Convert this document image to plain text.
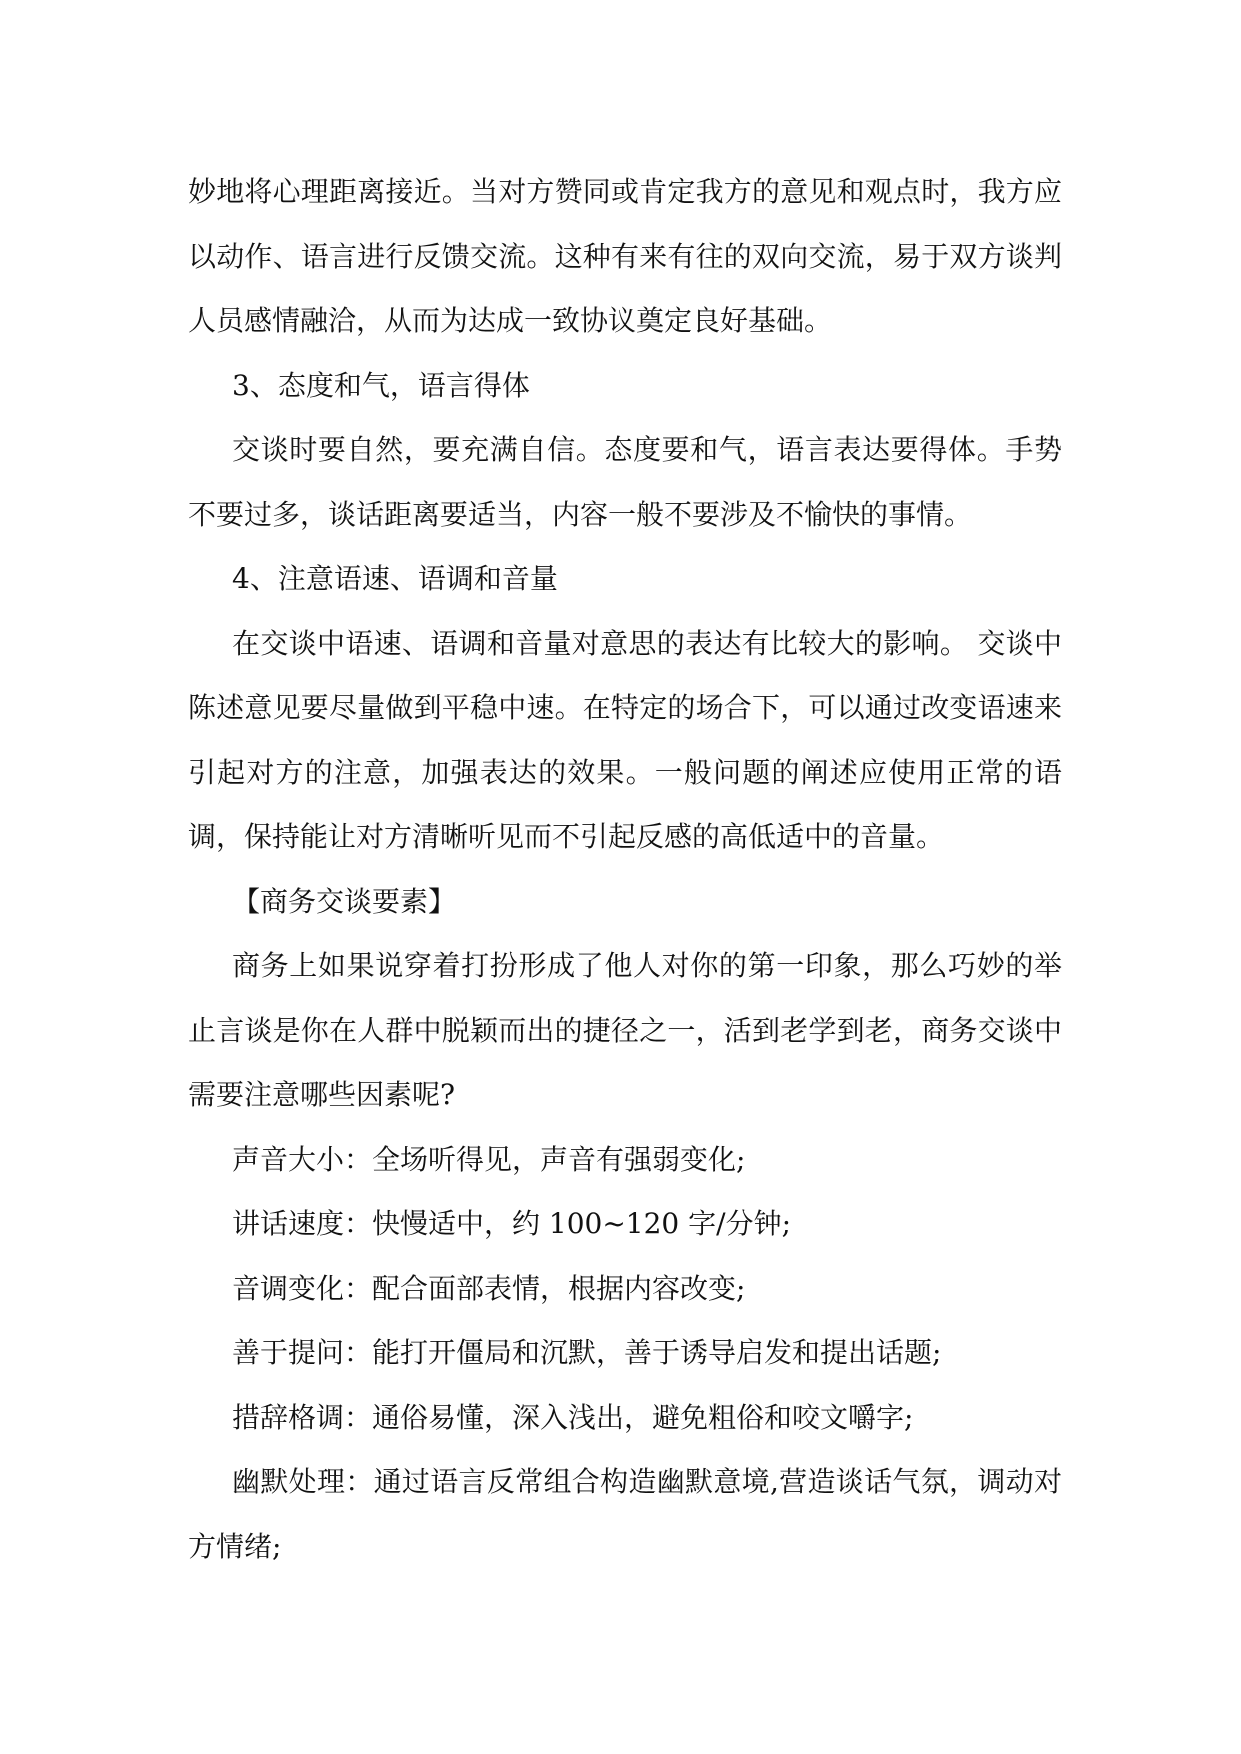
妙地将心理距离接近。当对方赞同或肯定我方的意见和观点时，我方应以动作、语言进行反馈交流。这种有来有往的双向交流，易于双方谈判人员感情融洽，从而为达成一致协议奠定良好基础。

3、态度和气，语言得体

交谈时要自然，要充满自信。态度要和气，语言表达要得体。手势不要过多，谈话距离要适当，内容一般不要涉及不愉快的事情。

4、注意语速、语调和音量

在交谈中语速、语调和音量对意思的表达有比较大的影响。 交谈中陈述意见要尽量做到平稳中速。在特定的场合下，可以通过改变语速来引起对方的注意，加强表达的效果。一般问题的阐述应使用正常的语调，保持能让对方清晰听见而不引起反感的高低适中的音量。

【商务交谈要素】

商务上如果说穿着打扮形成了他人对你的第一印象，那么巧妙的举止言谈是你在人群中脱颖而出的捷径之一，活到老学到老，商务交谈中需要注意哪些因素呢?

声音大小：全场听得见，声音有强弱变化;

讲话速度：快慢适中，约 100~120 字/分钟;

音调变化：配合面部表情，根据内容改变;

善于提问：能打开僵局和沉默，善于诱导启发和提出话题;

措辞格调：通俗易懂，深入浅出，避免粗俗和咬文嚼字;

幽默处理：通过语言反常组合构造幽默意境,营造谈话气氛，调动对方情绪;
